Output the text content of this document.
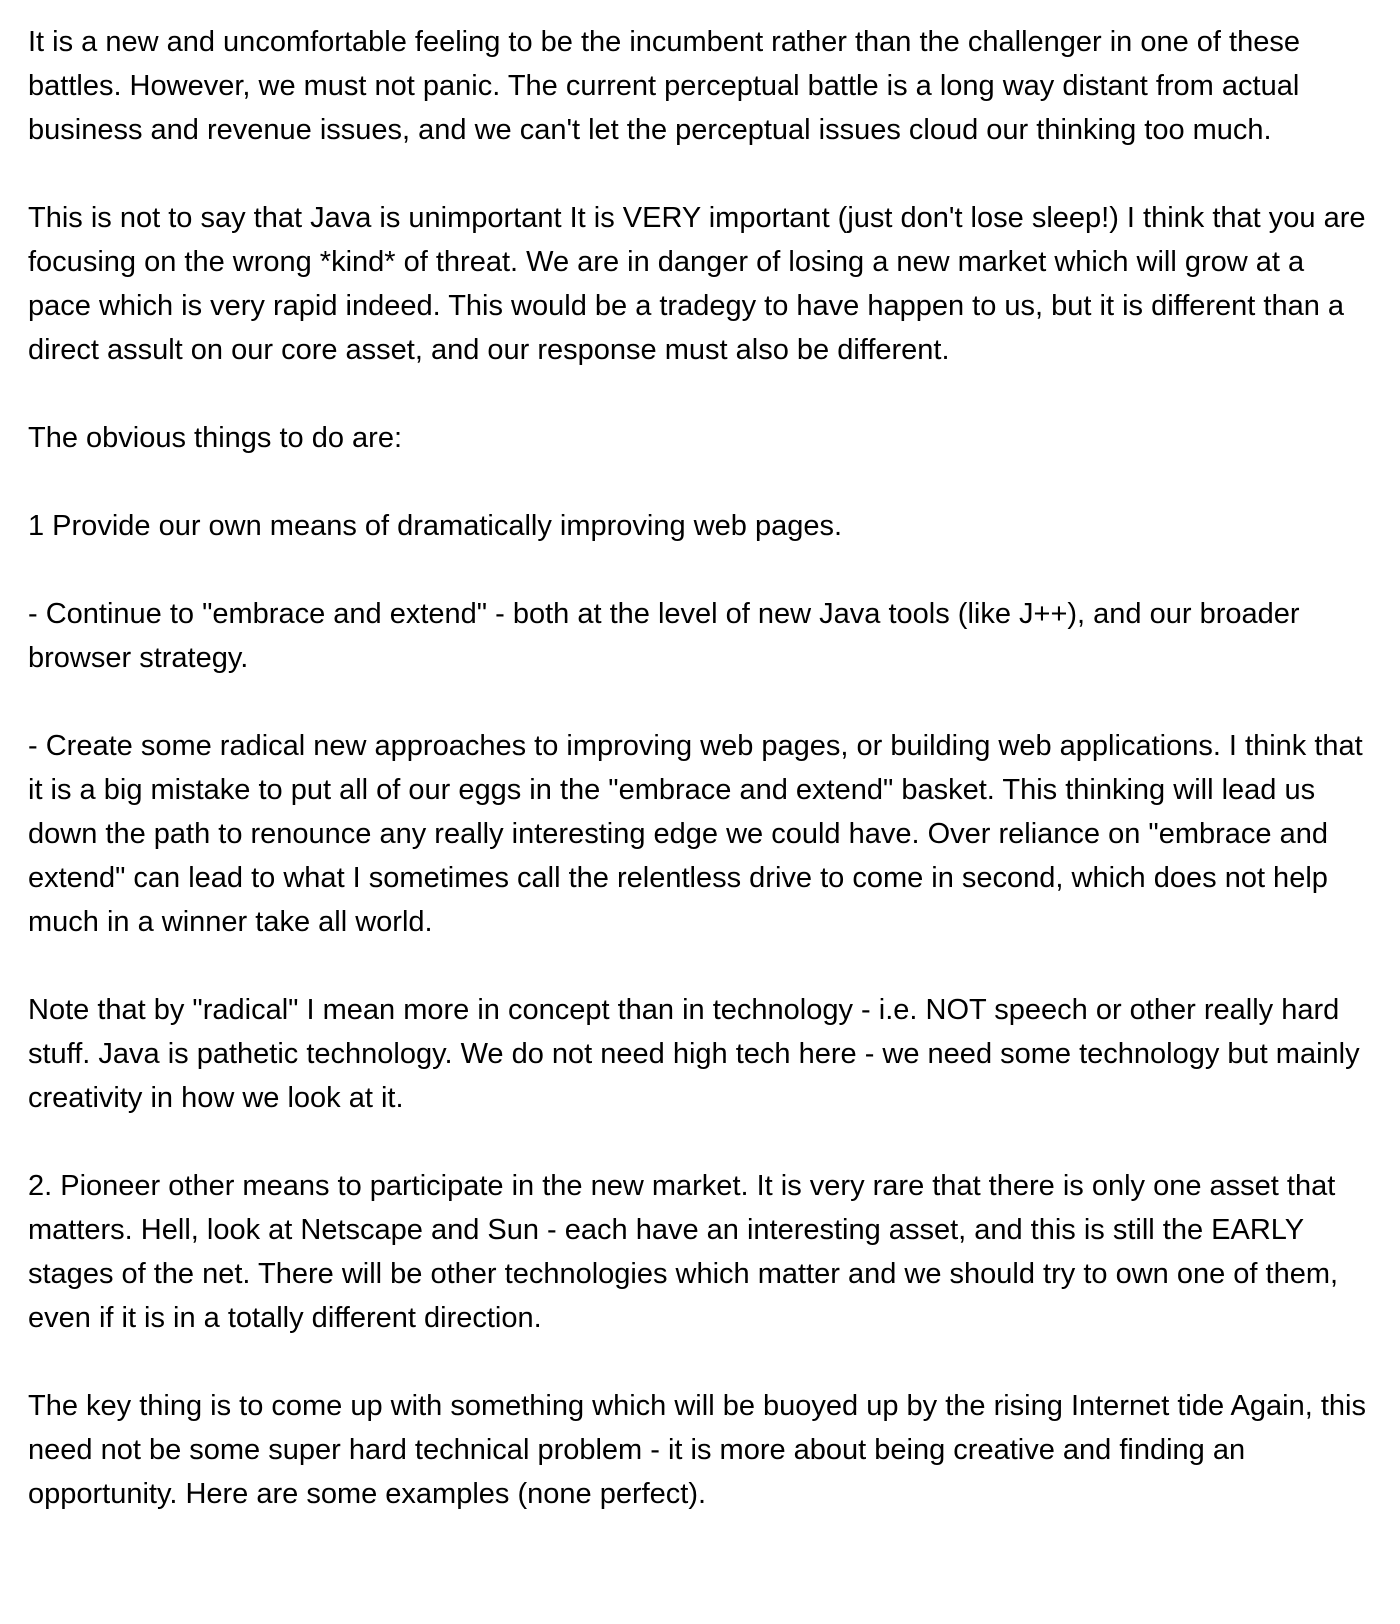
It is a new and uncomfortable feeling to be the incumbent rather than the challenger in one of these battles. However, we must not panic. The current perceptual battle is a long way distant from actual business and revenue issues, and we can't let the perceptual issues cloud our thinking too much.

This is not to say that Java is unimportant It is VERY important (just don't lose sleep!) I think that you are focusing on the wrong *kind* of threat. We are in danger of losing a new market which will grow at a pace which is very rapid indeed. This would be a tradegy to have happen to us, but it is different than a direct assult on our core asset, and our response must also be different.

The obvious things to do are:

1 Provide our own means of dramatically improving web pages.

- Continue to "embrace and extend" - both at the level of new Java tools (like J++), and our broader browser strategy.

- Create some radical new approaches to improving web pages, or building web applications. I think that it is a big mistake to put all of our eggs in the "embrace and extend" basket. This thinking will lead us down the path to renounce any really interesting edge we could have. Over reliance on "embrace and extend" can lead to what I sometimes call the relentless drive to come in second, which does not help much in a winner take all world.

Note that by "radical" I mean more in concept than in technology - i.e. NOT speech or other really hard stuff. Java is pathetic technology. We do not need high tech here - we need some technology but mainly creativity in how we look at it.

2. Pioneer other means to participate in the new market. It is very rare that there is only one asset that matters. Hell, look at Netscape and Sun - each have an interesting asset, and this is still the EARLY stages of the net. There will be other technologies which matter and we should try to own one of them, even if it is in a totally different direction.

The key thing is to come up with something which will be buoyed up by the rising Internet tide Again, this need not be some super hard technical problem - it is more about being creative and finding an opportunity. Here are some examples (none perfect).
